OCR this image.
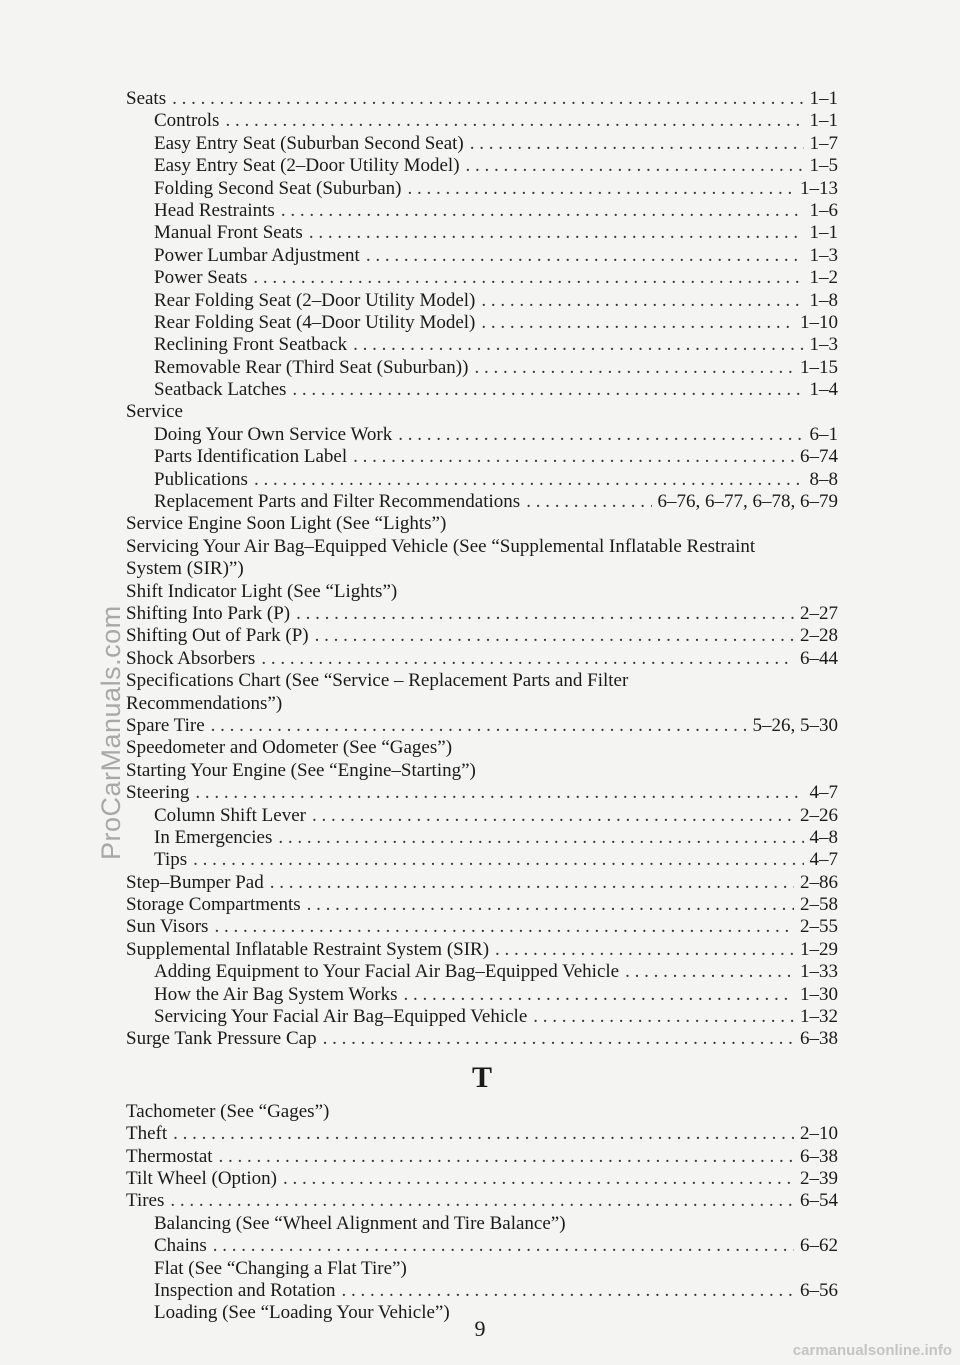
Seats . . .	1–1
Controls . . .	1–1
Easy Entry Seat (Suburban Second Seat) . . .	1–7
Easy Entry Seat (2–Door Utility Model) . . .	1–5
Folding Second Seat (Suburban) . . .	1–13
Head Restraints . . .	1–6
Manual Front Seats . . .	1–1
Power Lumbar Adjustment . . .	1–3
Power Seats . . .	1–2
Rear Folding Seat (2–Door Utility Model) . . .	1–8
Rear Folding Seat (4–Door Utility Model) . . .	1–10
Reclining Front Seatback . . .	1–3
Removable Rear (Third Seat (Suburban)) . . .	1–15
Seatback Latches . . .	1–4
Service
Doing Your Own Service Work . . .	6–1
Parts Identification Label . . .	6–74
Publications . . .	8–8
Replacement Parts and Filter Recommendations . . .	6–76, 6–77, 6–78, 6–79
Service Engine Soon Light (See “Lights”)
Servicing Your Air Bag–Equipped Vehicle (See “Supplemental Inflatable Restraint
System (SIR)”)
Shift Indicator Light (See “Lights”)
Shifting Into Park (P) . . .	2–27
Shifting Out of Park (P) . . .	2–28
Shock Absorbers . . .	6–44
Specifications Chart (See “Service – Replacement Parts and Filter
Recommendations”)
Spare Tire . . .	5–26, 5–30
Speedometer and Odometer (See “Gages”)
Starting Your Engine (See “Engine–Starting”)
Steering . . .	4–7
Column Shift Lever . . .	2–26
In Emergencies . . .	4–8
Tips . . .	4–7
Step–Bumper Pad . . .	2–86
Storage Compartments . . .	2–58
Sun Visors . . .	2–55
Supplemental Inflatable Restraint System (SIR) . . .	1–29
Adding Equipment to Your Facial Air Bag–Equipped Vehicle . . .	1–33
How the Air Bag System Works . . .	1–30
Servicing Your Facial Air Bag–Equipped Vehicle . . .	1–32
Surge Tank Pressure Cap . . .	6–38
T
Tachometer (See “Gages”)
Theft . . .	2–10
Thermostat . . .	6–38
Tilt Wheel (Option) . . .	2–39
Tires . . .	6–54
Balancing (See “Wheel Alignment and Tire Balance”)
Chains . . .	6–62
Flat (See “Changing a Flat Tire”)
Inspection and Rotation . . .	6–56
Loading (See “Loading Your Vehicle”)
9
ProCarManuals.com
carmanualsonline.info
